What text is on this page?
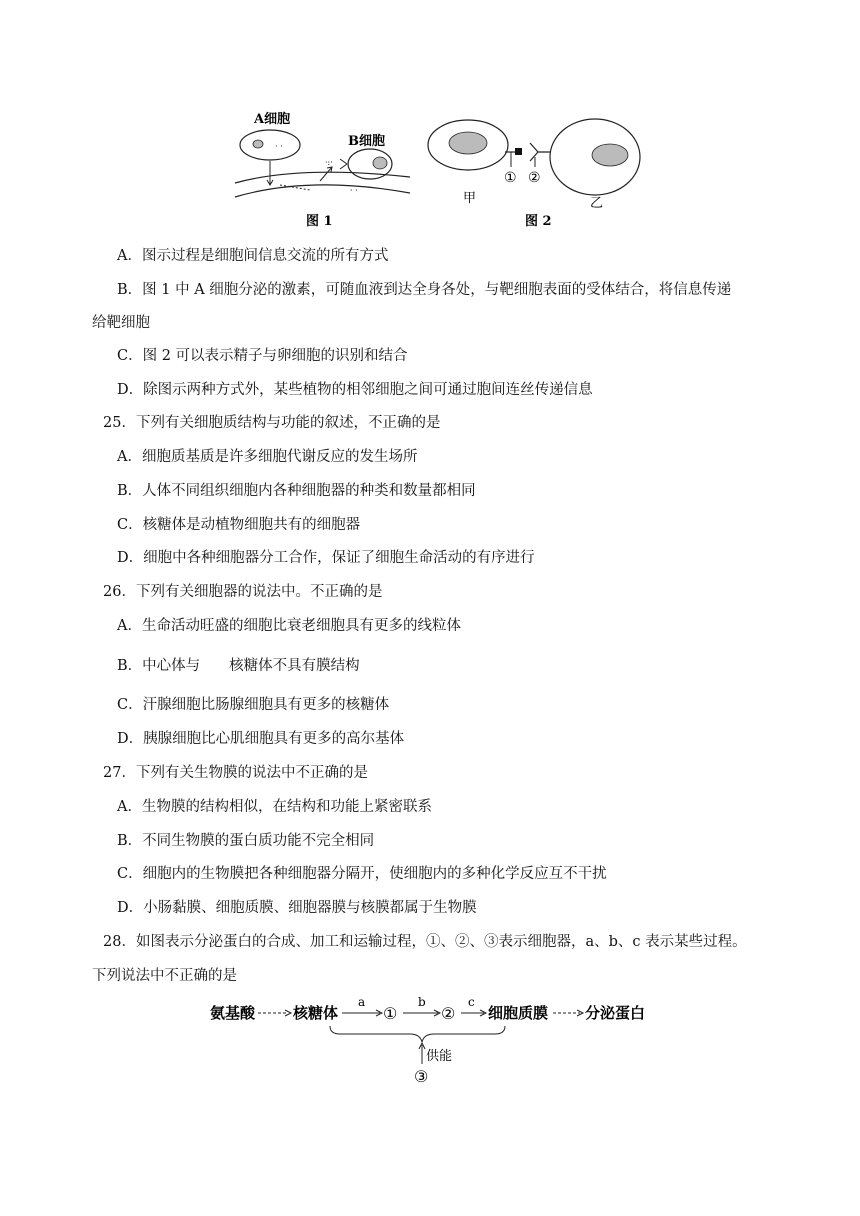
A细胞
· ·	B细胞
·:·
· ·
图 1
① ②
甲	乙
图 2
A．图示过程是细胞间信息交流的所有方式
B．图 1 中 A 细胞分泌的激素，可随血液到达全身各处，与靶细胞表面的受体结合，将信息传递
给靶细胞
C．图 2 可以表示精子与卵细胞的识别和结合
D．除图示两种方式外，某些植物的相邻细胞之间可通过胞间连丝传递信息
25．下列有关细胞质结构与功能的叙述，不正确的是
A．细胞质基质是许多细胞代谢反应的发生场所
B．人体不同组织细胞内各种细胞器的种类和数量都相同
C．核糖体是动植物细胞共有的细胞器
D．细胞中各种细胞器分工合作，保证了细胞生命活动的有序进行
26．下列有关细胞器的说法中。不正确的是
A．生命活动旺盛的细胞比衰老细胞具有更多的线粒体
B．中心体与　　核糖体不具有膜结构
C．汗腺细胞比肠腺细胞具有更多的核糖体
D．胰腺细胞比心肌细胞具有更多的高尔基体
27．下列有关生物膜的说法中不正确的是
A．生物膜的结构相似，在结构和功能上紧密联系
B．不同生物膜的蛋白质功能不完全相同
C．细胞内的生物膜把各种细胞器分隔开，使细胞内的多种化学反应互不干扰
D．小肠黏膜、细胞质膜、细胞器膜与核膜都属于生物膜
28．如图表示分泌蛋白的合成、加工和运输过程，①、②、③表示细胞器，a、b、c 表示某些过程。
下列说法中不正确的是
氨基酸	核糖体
a
①
b
②
c
细胞质膜 分泌蛋白
供能
③
